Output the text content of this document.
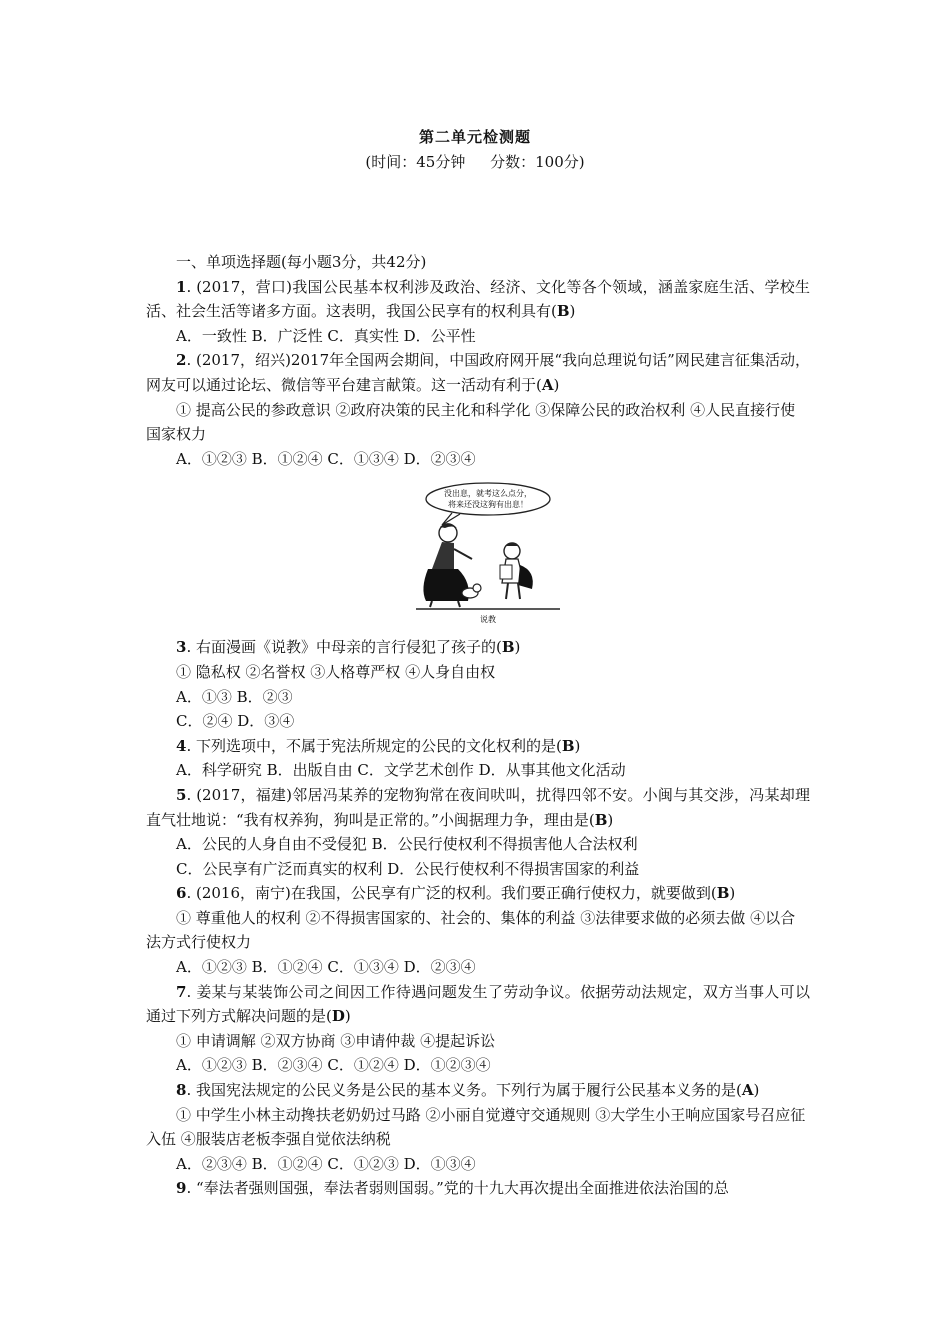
第二单元检测题
(时间：45分钟 分数：100分)
一、单项选择题(每小题3分，共42分)
1. (2017，营口)我国公民基本权利涉及政治、经济、文化等各个领域，涵盖家庭生活、学校生活、社会生活等诸多方面。这表明，我国公民享有的权利具有(B)
A．一致性 B．广泛性 C．真实性 D．公平性
2. (2017，绍兴)2017年全国两会期间，中国政府网开展“我向总理说句话”网民建言征集活动，网友可以通过论坛、微信等平台建言献策。这一活动有利于(A)
① 提高公民的参政意识 ②政府决策的民主化和科学化 ③保障公民的政治权利 ④人民直接行使国家权力
A．①②③ B．①②④ C．①③④ D．②③④
没出息，就考这么点分，
将来还没这狗有出息！
说教
3. 右面漫画《说教》中母亲的言行侵犯了孩子的(B)
① 隐私权 ②名誉权 ③人格尊严权 ④人身自由权
A．①③ B．②③
C．②④ D．③④
4. 下列选项中，不属于宪法所规定的公民的文化权利的是(B)
A．科学研究 B．出版自由 C．文学艺术创作 D．从事其他文化活动
5. (2017，福建)邻居冯某养的宠物狗常在夜间吠叫，扰得四邻不安。小闽与其交涉，冯某却理直气壮地说：“我有权养狗，狗叫是正常的。”小闽据理力争，理由是(B)
A．公民的人身自由不受侵犯 B．公民行使权利不得损害他人合法权利
C．公民享有广泛而真实的权利 D．公民行使权利不得损害国家的利益
6. (2016，南宁)在我国，公民享有广泛的权利。我们要正确行使权力，就要做到(B)
① 尊重他人的权利 ②不得损害国家的、社会的、集体的利益 ③法律要求做的必须去做 ④以合法方式行使权力
A．①②③ B．①②④ C．①③④ D．②③④
7. 姜某与某装饰公司之间因工作待遇问题发生了劳动争议。依据劳动法规定，双方当事人可以通过下列方式解决问题的是(D)
① 申请调解 ②双方协商 ③申请仲裁 ④提起诉讼
A．①②③ B．②③④ C．①②④ D．①②③④
8. 我国宪法规定的公民义务是公民的基本义务。下列行为属于履行公民基本义务的是(A)
① 中学生小林主动搀扶老奶奶过马路 ②小丽自觉遵守交通规则 ③大学生小王响应国家号召应征入伍 ④服装店老板李强自觉依法纳税
A．②③④ B．①②④ C．①②③ D．①③④
9. “奉法者强则国强，奉法者弱则国弱。”党的十九大再次提出全面推进依法治国的总
